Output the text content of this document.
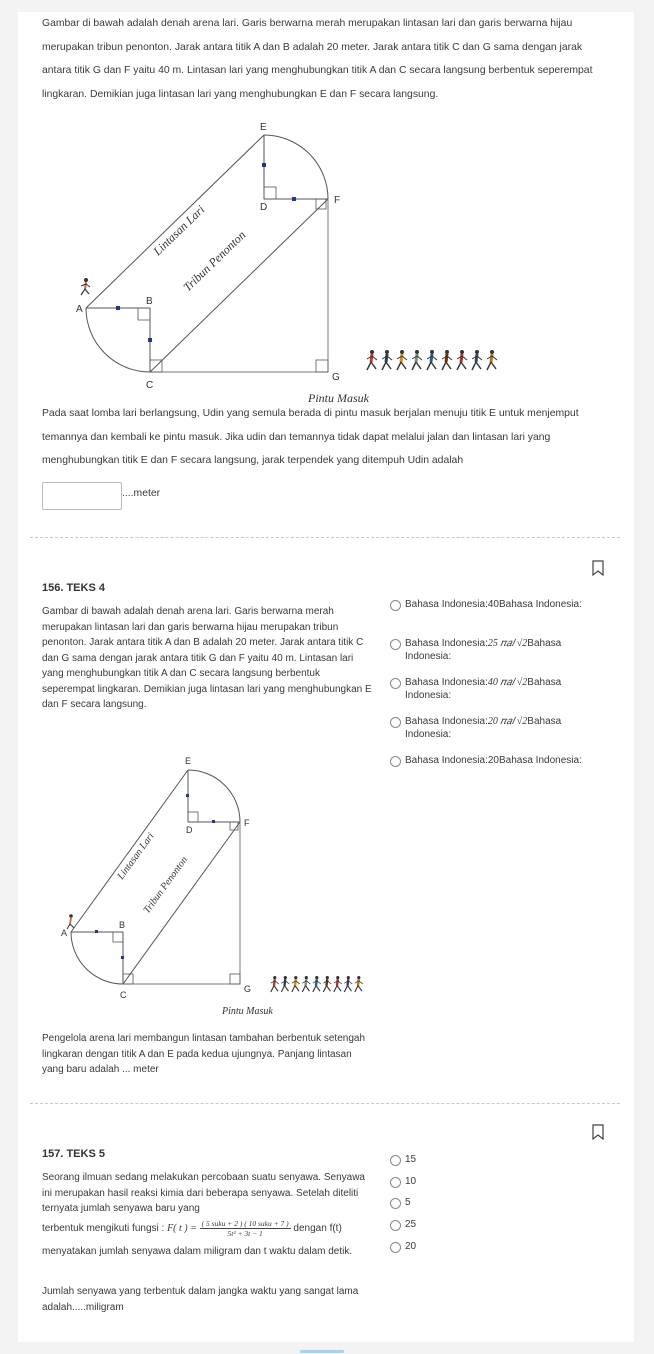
Gambar di bawah adalah denah arena lari. Garis berwarna merah merupakan lintasan lari dan garis berwarna hijau merupakan tribun penonton. Jarak antara titik A dan B adalah 20 meter. Jarak antara titik C dan G sama dengan jarak antara titik G dan F yaitu 40 m. Lintasan lari yang menghubungkan titik A dan C secara langsung berbentuk seperempat lingkaran. Demikian juga lintasan lari yang menghubungkan E dan F secara langsung.
E
D
F
A
B
C
G
Lintasan Lari
Tribun Penonton
Pintu Masuk
Pada saat lomba lari berlangsung, Udin yang semula berada di pintu masuk berjalan menuju titik E untuk menjemput temannya dan kembali ke pintu masuk. Jika udin dan temannya tidak dapat melalui jalan dan lintasan lari yang menghubungkan titik E dan F secara langsung, jarak terpendek yang ditempuh Udin adalah
....meter
156. TEKS 4
Gambar di bawah adalah denah arena lari. Garis berwarna merah merupakan lintasan lari dan garis berwarna hijau merupakan tribun penonton. Jarak antara titik A dan B adalah 20 meter. Jarak antara titik C dan G sama dengan jarak antara titik G dan F yaitu 40 m. Lintasan lari yang menghubungkan titik A dan C secara langsung berbentuk seperempat lingkaran. Demikian juga lintasan lari yang menghubungkan E dan F secara langsung.
E
D
F
A
B
C
G
Lintasan Lari
Tribun Penonton
Pintu Masuk
Pengelola arena lari membangun lintasan tambahan berbentuk setengah lingkaran dengan titik A dan E pada kedua ujungnya. Panjang lintasan yang baru adalah ... meter
Bahasa Indonesia:40Bahasa Indonesia:
Bahasa Indonesia:25 𝜋𝑎𝑙 √2Bahasa Indonesia:
Bahasa Indonesia:40 𝜋𝑎𝑙 √2Bahasa Indonesia:
Bahasa Indonesia:20 𝜋𝑎𝑙 √2Bahasa Indonesia:
Bahasa Indonesia:20Bahasa Indonesia:
157. TEKS 5
Seorang ilmuan sedang melakukan percobaan suatu senyawa. Senyawa ini merupakan hasil reaksi kimia dari beberapa senyawa. Setelah diteliti ternyata jumlah senyawa baru yang
terbentuk mengikuti fungsi : F( t ) = ( 5 suku + 2 ) ( 10 suku + 7 )
5t² + 3t − 1	dengan f(t)
menyatakan jumlah senyawa dalam miligram dan t waktu dalam detik.
Jumlah senyawa yang terbentuk dalam jangka waktu yang sangat lama adalah.....miligram
15
10
5
25
20
